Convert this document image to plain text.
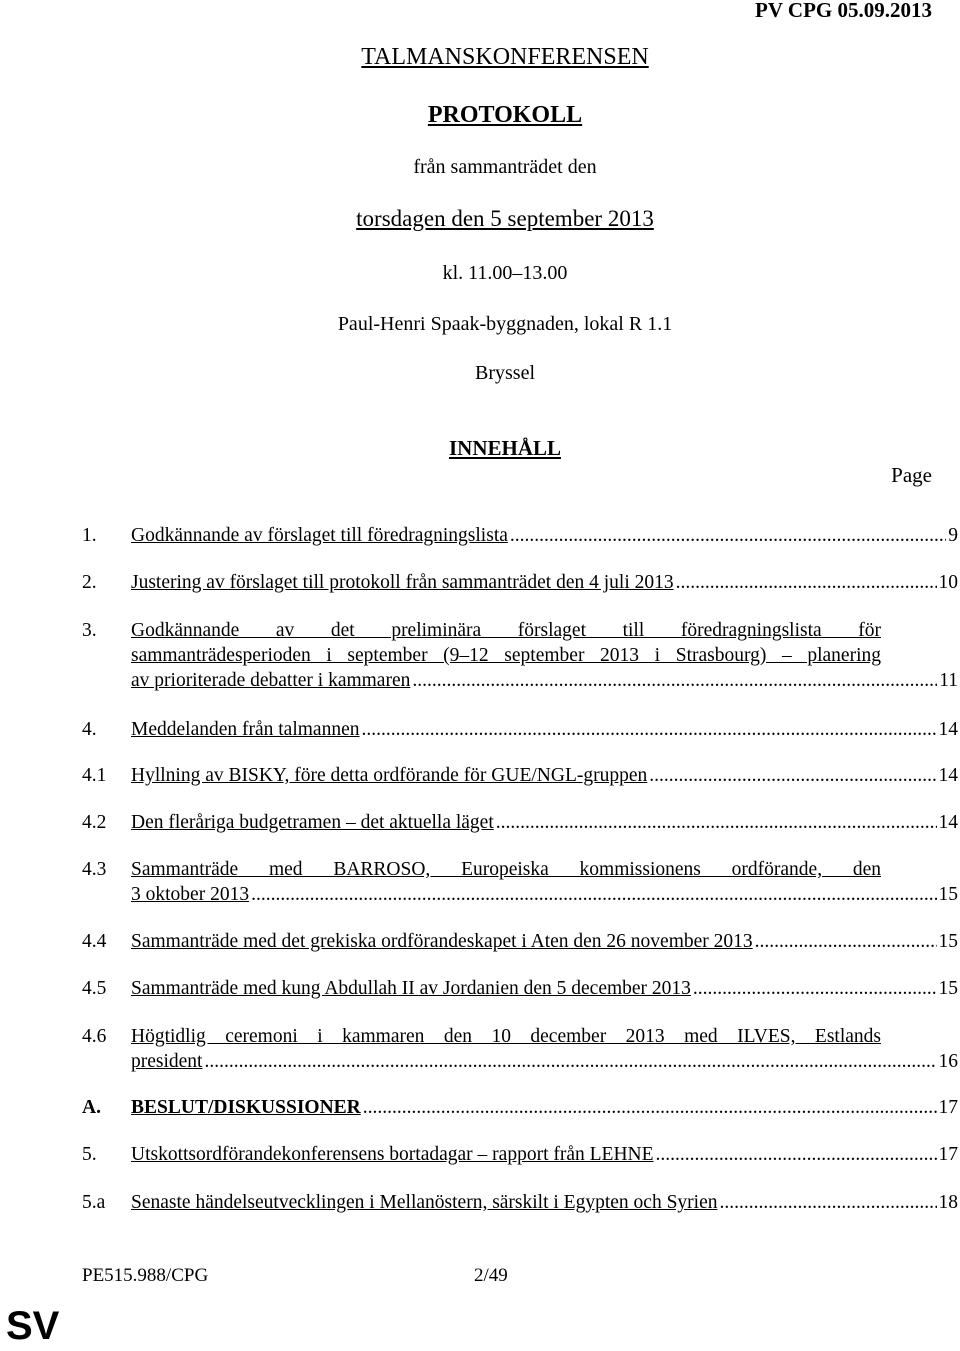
PV CPG 05.09.2013
TALMANSKONFERENSEN
PROTOKOLL
från sammanträdet den
torsdagen den 5 september 2013
kl. 11.00–13.00
Paul-Henri Spaak-byggnaden, lokal R 1.1
Bryssel
INNEHÅLL
Page
1.	Godkännande av förslaget till föredragningslista .....	9
2.	Justering av förslaget till protokoll från sammanträdet den 4 juli 2013 .....	10
3.	Godkännande av det preliminära förslaget till föredragningslista för
sammanträdesperioden i september (9–12 september 2013 i Strasbourg) – planering
av prioriterade debatter i kammaren .....	11
4.	Meddelanden från talmannen .....	14
4.1	Hyllning av BISKY, före detta ordförande för GUE/NGL-gruppen .....	14
4.2	Den fleråriga budgetramen – det aktuella läget .....	14
4.3	Sammanträde med BARROSO, Europeiska kommissionens ordförande, den
3 oktober 2013 .....	15
4.4	Sammanträde med det grekiska ordförandeskapet i Aten den 26 november 2013 .....	15
4.5	Sammanträde med kung Abdullah II av Jordanien den 5 december 2013 .....	15
4.6	Högtidlig ceremoni i kammaren den 10 december 2013 med ILVES, Estlands
president .....	16
A.	BESLUT/DISKUSSIONER .....	17
5.	Utskottsordförandekonferensens bortadagar – rapport från LEHNE .....	17
5.a	Senaste händelseutvecklingen i Mellanöstern, särskilt i Egypten och Syrien .....	18
PE515.988/CPG	2/49
SV
